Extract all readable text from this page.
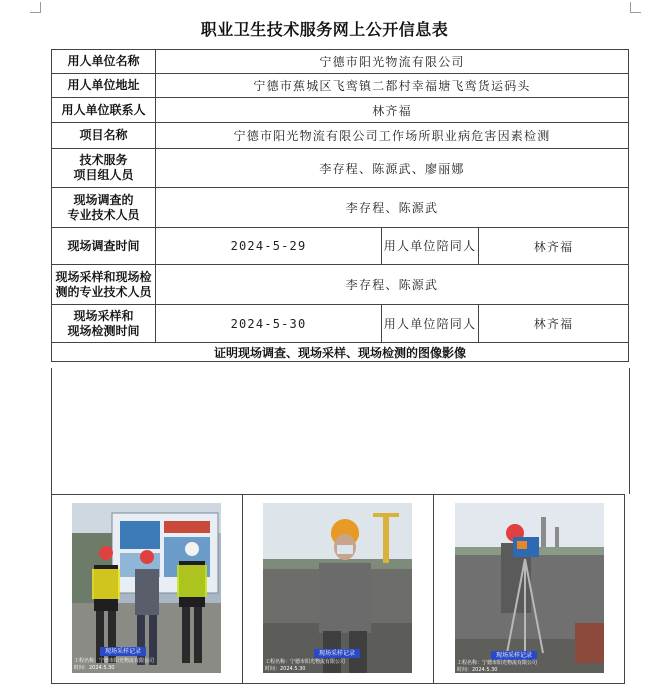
职业卫生技术服务网上公开信息表
用人单位名称	宁德市阳光物流有限公司		
用人单位地址	宁德市蕉城区飞鸾镇二都村幸福塘飞鸾货运码头		
用人单位联系人	林齐福		
项目名称	宁德市阳光物流有限公司工作场所职业病危害因素检测		
技术服务
项目组人员	李存程、陈源武、廖丽娜		
现场调查的
专业技术人员	李存程、陈源武		
现场调查时间	2024-5-29	用人单位陪同人	林齐福
现场采样和现场检
测的专业技术人员	李存程、陈源武		
现场采样和
现场检测时间	2024-5-30	用人单位陪同人	林齐福
证明现场调查、现场采样、现场检测的图像影像			
现场采样记录
工程名称：宁德市阳光物流有限公司
时间：2024.5.30
现场采样记录
工程名称：宁德市阳光物流有限公司
时间：2024.5.30
现场采样记录
工程名称：宁德市阳光物流有限公司
时间：2024.5.30
